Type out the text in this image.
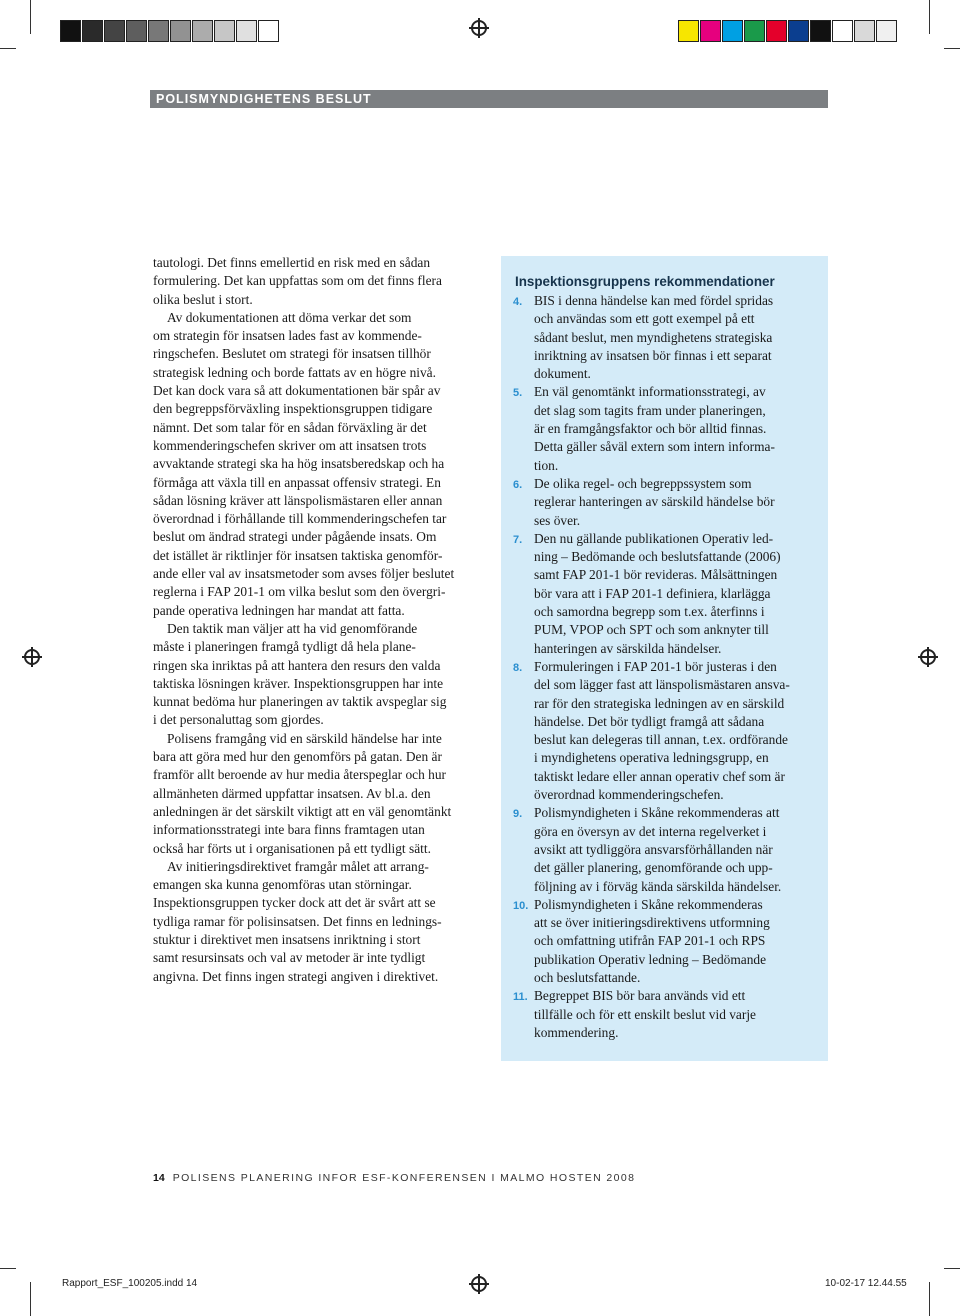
POLISMYNDIGHETENS BESLUT

tautologi. Det finns emellertid en risk med en sådan
formulering. Det kan uppfattas som om det finns flera
olika beslut i stort.

Av dokumentationen att döma verkar det som
om strategin för insatsen lades fast av kommende-
ringschefen. Beslutet om strategi för insatsen tillhör
strategisk ledning och borde fattats av en högre nivå.
Det kan dock vara så att dokumentationen bär spår av
den begreppsförväxling inspektionsgruppen tidigare
nämnt. Det som talar för en sådan förväxling är det
kommenderingschefen skriver om att insatsen trots
avvaktande strategi ska ha hög insatsberedskap och ha
förmåga att växla till en anpassat offensiv strategi. En
sådan lösning kräver att länspolismästaren eller annan
överordnad i förhållande till kommenderingschefen tar
beslut om ändrad strategi under pågående insats. Om
det istället är riktlinjer för insatsen taktiska genomför-
ande eller val av insatsmetoder som avses följer beslutet
reglerna i FAP 201-1 om vilka beslut som den övergri-
pande operativa ledningen har mandat att fatta.

Den taktik man väljer att ha vid genomförande
måste i planeringen framgå tydligt då hela plane-
ringen ska inriktas på att hantera den resurs den valda
taktiska lösningen kräver. Inspektionsgruppen har inte
kunnat bedöma hur planeringen av taktik avspeglar sig
i det personaluttag som gjordes.

Polisens framgång vid en särskild händelse har inte
bara att göra med hur den genomförs på gatan. Den är
framför allt beroende av hur media återspeglar och hur
allmänheten därmed uppfattar insatsen. Av bl.a. den
anledningen är det särskilt viktigt att en väl genomtänkt
informationsstrategi inte bara finns framtagen utan
också har förts ut i organisationen på ett tydligt sätt.

Av initieringsdirektivet framgår målet att arrang-
emangen ska kunna genomföras utan störningar.
Inspektionsgruppen tycker dock att det är svårt att se
tydliga ramar för polisinsatsen. Det finns en lednings-
stuktur i direktivet men insatsens inriktning i stort
samt resursinsats och val av metoder är inte tydligt
angivna. Det finns ingen strategi angiven i direktivet.

Inspektionsgruppens rekommendationer
4. BIS i denna händelse kan med fördel spridas
och användas som ett gott exempel på ett
sådant beslut, men myndighetens strategiska
inriktning av insatsen bör finnas i ett separat
dokument.
5. En väl genomtänkt informationsstrategi, av
det slag som tagits fram under planeringen,
är en framgångsfaktor och bör alltid finnas.
Detta gäller såväl extern som intern informa-
tion.
6. De olika regel- och begreppssystem som
reglerar hanteringen av särskild händelse bör
ses över.
7. Den nu gällande publikationen Operativ led-
ning – Bedömande och beslutsfattande (2006)
samt FAP 201-1 bör revideras. Målsättningen
bör vara att i FAP 201-1 definiera, klarlägga
och samordna begrepp som t.ex. återfinns i
PUM, VPOP och SPT och som anknyter till
hanteringen av särskilda händelser.
8. Formuleringen i FAP 201-1 bör justeras i den
del som lägger fast att länspolismästaren ansva-
rar för den strategiska ledningen av en särskild
händelse. Det bör tydligt framgå att sådana
beslut kan delegeras till annan, t.ex. ordförande
i myndighetens operativa ledningsgrupp, en
taktiskt ledare eller annan operativ chef som är
överordnad kommenderingschefen.
9. Polismyndigheten i Skåne rekommenderas att
göra en översyn av det interna regelverket i
avsikt att tydliggöra ansvarsförhållanden när
det gäller planering, genomförande och upp-
följning av i förväg kända särskilda händelser.
10. Polismyndigheten i Skåne rekommenderas
att se över initieringsdirektivens utformning
och omfattning utifrån FAP 201-1 och RPS
publikation Operativ ledning – Bedömande
och beslutsfattande.
11. Begreppet BIS bör bara används vid ett
tillfälle och för ett enskilt beslut vid varje
kommendering.
14 POLISENS PLANERING INFOR ESF-KONFERENSEN I MALMO HOSTEN 2008
Rapport_ESF_100205.indd 14	10-02-17 12.44.55
